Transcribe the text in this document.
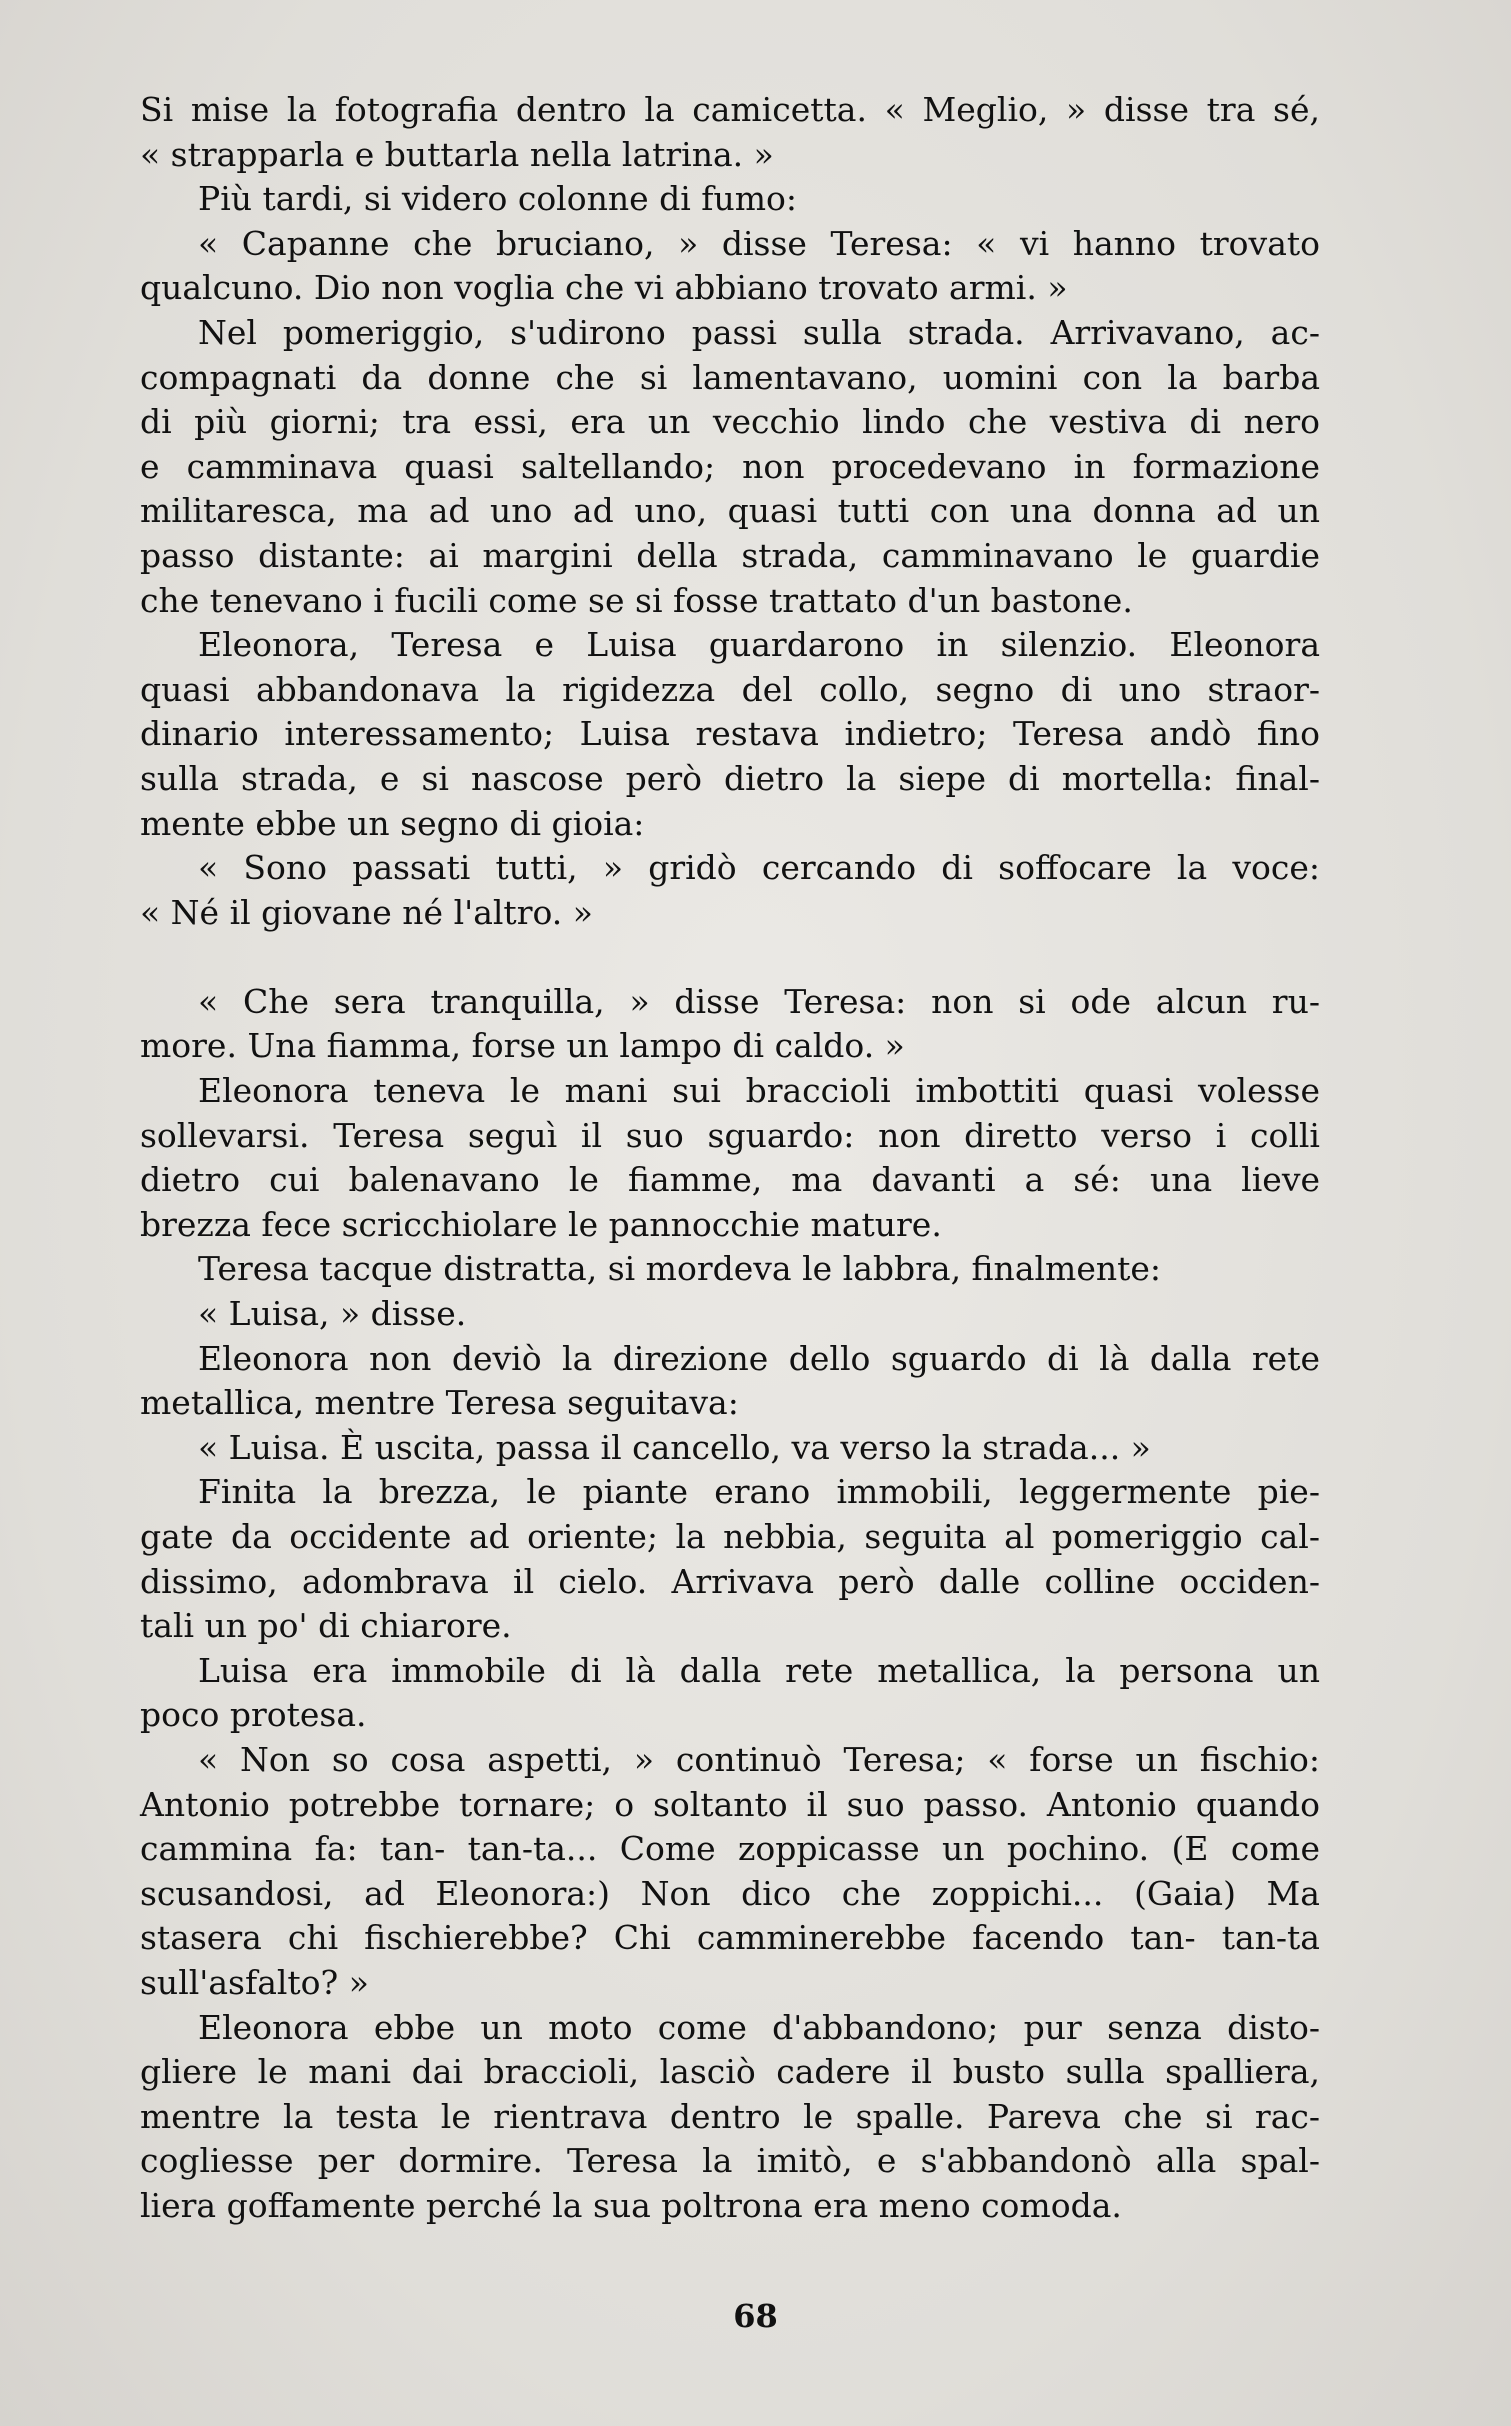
Si mise la fotografia dentro la camicetta. « Meglio, » disse tra sé,
« strapparla e buttarla nella latrina. »
Più tardi, si videro colonne di fumo:
« Capanne che bruciano, » disse Teresa: « vi hanno trovato
qualcuno. Dio non voglia che vi abbiano trovato armi. »
Nel pomeriggio, s'udirono passi sulla strada. Arrivavano, ac-
compagnati da donne che si lamentavano, uomini con la barba
di più giorni; tra essi, era un vecchio lindo che vestiva di nero
e camminava quasi saltellando; non procedevano in formazione
militaresca, ma ad uno ad uno, quasi tutti con una donna ad un
passo distante: ai margini della strada, camminavano le guardie
che tenevano i fucili come se si fosse trattato d'un bastone.
Eleonora, Teresa e Luisa guardarono in silenzio. Eleonora
quasi abbandonava la rigidezza del collo, segno di uno straor-
dinario interessamento; Luisa restava indietro; Teresa andò fino
sulla strada, e si nascose però dietro la siepe di mortella: final-
mente ebbe un segno di gioia:
« Sono passati tutti, » gridò cercando di soffocare la voce:
« Né il giovane né l'altro. »
« Che sera tranquilla, » disse Teresa: non si ode alcun ru-
more. Una fiamma, forse un lampo di caldo. »
Eleonora teneva le mani sui braccioli imbottiti quasi volesse
sollevarsi. Teresa seguì il suo sguardo: non diretto verso i colli
dietro cui balenavano le fiamme, ma davanti a sé: una lieve
brezza fece scricchiolare le pannocchie mature.
Teresa tacque distratta, si mordeva le labbra, finalmente:
« Luisa, » disse.
Eleonora non deviò la direzione dello sguardo di là dalla rete
metallica, mentre Teresa seguitava:
« Luisa. È uscita, passa il cancello, va verso la strada... »
Finita la brezza, le piante erano immobili, leggermente pie-
gate da occidente ad oriente; la nebbia, seguita al pomeriggio cal-
dissimo, adombrava il cielo. Arrivava però dalle colline occiden-
tali un po' di chiarore.
Luisa era immobile di là dalla rete metallica, la persona un
poco protesa.
« Non so cosa aspetti, » continuò Teresa; « forse un fischio:
Antonio potrebbe tornare; o soltanto il suo passo. Antonio quando
cammina fa: tan- tan-ta... Come zoppicasse un pochino. (E come
scusandosi, ad Eleonora:) Non dico che zoppichi... (Gaia) Ma
stasera chi fischierebbe? Chi camminerebbe facendo tan- tan-ta
sull'asfalto? »
Eleonora ebbe un moto come d'abbandono; pur senza disto-
gliere le mani dai braccioli, lasciò cadere il busto sulla spalliera,
mentre la testa le rientrava dentro le spalle. Pareva che si rac-
cogliesse per dormire. Teresa la imitò, e s'abbandonò alla spal-
liera goffamente perché la sua poltrona era meno comoda.
68
